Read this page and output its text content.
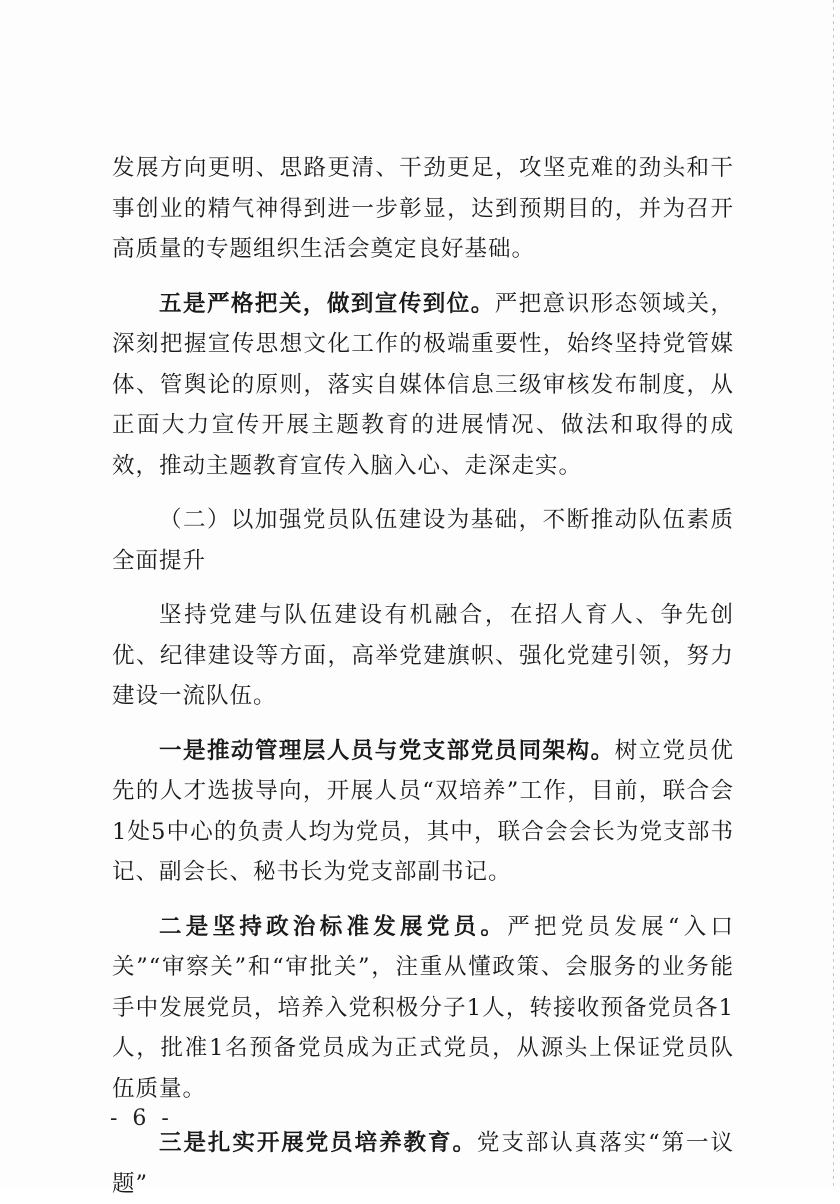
发展方向更明、思路更清、干劲更足，攻坚克难的劲头和干事创业的精气神得到进一步彰显，达到预期目的，并为召开高质量的专题组织生活会奠定良好基础。

五是严格把关，做到宣传到位。严把意识形态领域关，深刻把握宣传思想文化工作的极端重要性，始终坚持党管媒体、管舆论的原则，落实自媒体信息三级审核发布制度，从正面大力宣传开展主题教育的进展情况、做法和取得的成效，推动主题教育宣传入脑入心、走深走实。

（二）以加强党员队伍建设为基础，不断推动队伍素质全面提升

坚持党建与队伍建设有机融合，在招人育人、争先创优、纪律建设等方面，高举党建旗帜、强化党建引领，努力建设一流队伍。

一是推动管理层人员与党支部党员同架构。树立党员优先的人才选拔导向，开展人员“双培养”工作，目前，联合会1处5中心的负责人均为党员，其中，联合会会长为党支部书记、副会长、秘书长为党支部副书记。

二是坚持政治标准发展党员。严把党员发展“入口关”“审察关”和“审批关”，注重从懂政策、会服务的业务能手中发展党员，培养入党积极分子1人，转接收预备党员各1人，批准1名预备党员成为正式党员，从源头上保证党员队伍质量。

三是扎实开展党员培养教育。党支部认真落实“第一议题”

- 6 -
